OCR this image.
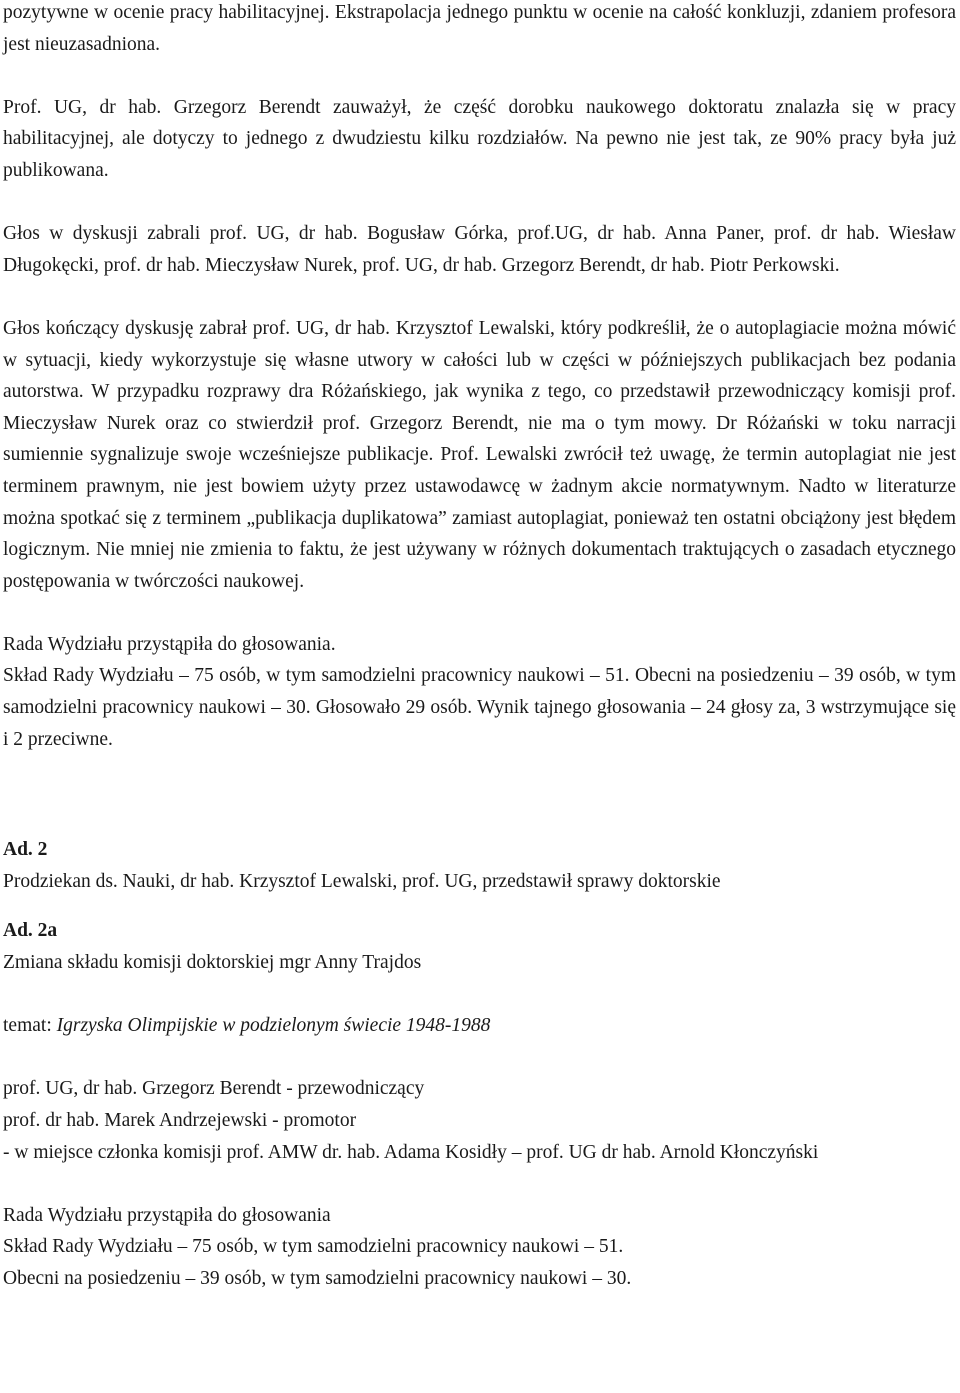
pozytywne w ocenie pracy habilitacyjnej. Ekstrapolacja jednego punktu w ocenie na całość konkluzji, zdaniem profesora jest nieuzasadniona.

Prof. UG, dr hab. Grzegorz Berendt zauważył, że część dorobku naukowego doktoratu znalazła się w pracy habilitacyjnej, ale dotyczy to jednego z dwudziestu kilku rozdziałów. Na pewno nie jest tak, ze 90% pracy była już publikowana.

Głos w dyskusji zabrali prof. UG, dr hab. Bogusław Górka, prof.UG, dr hab. Anna Paner, prof. dr hab. Wiesław Długokęcki, prof. dr hab. Mieczysław Nurek, prof. UG, dr hab. Grzegorz Berendt, dr hab. Piotr Perkowski.

Głos kończący dyskusję zabrał prof. UG, dr hab. Krzysztof Lewalski, który podkreślił, że o autoplagiacie można mówić w sytuacji, kiedy wykorzystuje się własne utwory w całości lub w części w późniejszych publikacjach bez podania autorstwa. W przypadku rozprawy dra Różańskiego, jak wynika z tego, co przedstawił przewodniczący komisji prof. Mieczysław Nurek oraz co stwierdził prof. Grzegorz Berendt, nie ma o tym mowy. Dr Różański w toku narracji sumiennie sygnalizuje swoje wcześniejsze publikacje. Prof. Lewalski zwrócił też uwagę, że termin autoplagiat nie jest terminem prawnym, nie jest bowiem użyty przez ustawodawcę w żadnym akcie normatywnym. Nadto w literaturze można spotkać się z terminem „publikacja duplikatowa” zamiast autoplagiat, ponieważ ten ostatni obciążony jest błędem logicznym. Nie mniej nie zmienia to faktu, że jest używany w różnych dokumentach traktujących o zasadach etycznego postępowania w twórczości naukowej.

Rada Wydziału przystąpiła do głosowania.

Skład Rady Wydziału – 75 osób, w tym samodzielni pracownicy naukowi – 51. Obecni na posiedzeniu – 39 osób, w tym samodzielni pracownicy naukowi – 30. Głosowało 29 osób. Wynik tajnego głosowania – 24 głosy za, 3 wstrzymujące się i 2 przeciwne.

Ad. 2

Prodziekan ds. Nauki, dr hab. Krzysztof Lewalski, prof. UG, przedstawił sprawy doktorskie

Ad. 2a

Zmiana składu komisji doktorskiej mgr Anny Trajdos

temat: Igrzyska Olimpijskie w podzielonym świecie 1948-1988

prof. UG, dr hab. Grzegorz Berendt - przewodniczący

prof. dr hab. Marek Andrzejewski - promotor

- w miejsce członka komisji prof. AMW dr. hab. Adama Kosidły – prof. UG dr hab. Arnold Kłonczyński

Rada Wydziału przystąpiła do głosowania

Skład Rady Wydziału – 75 osób, w tym samodzielni pracownicy naukowi – 51.

Obecni na posiedzeniu – 39 osób, w tym samodzielni pracownicy naukowi – 30.
